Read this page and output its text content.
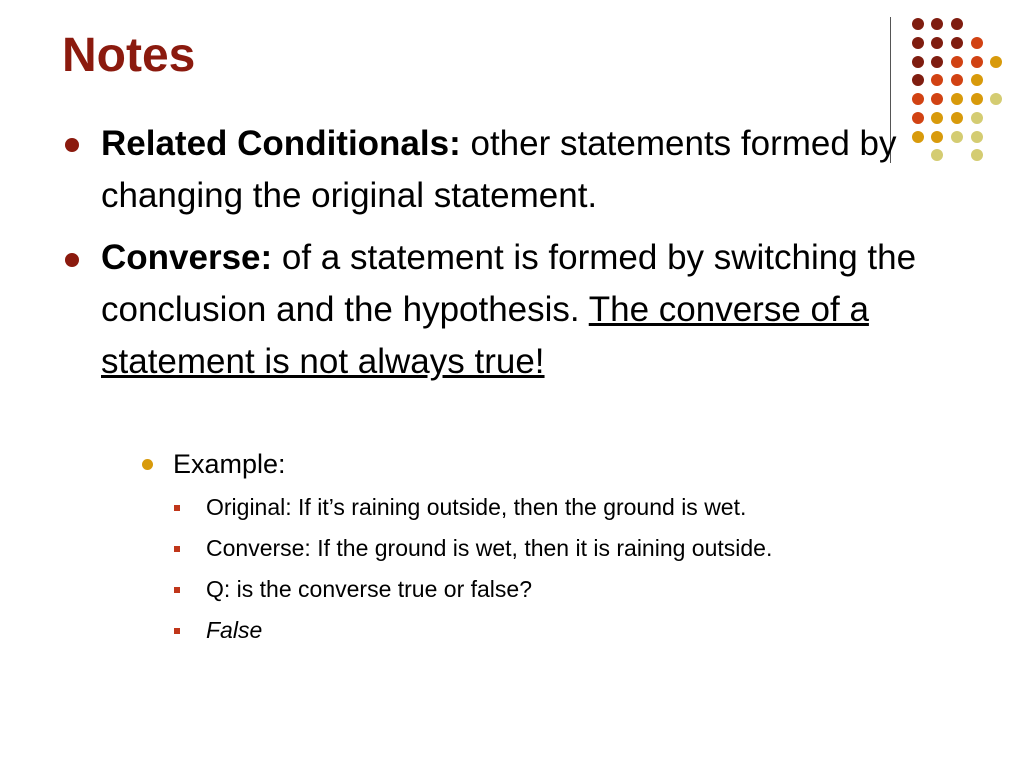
Notes
Related Conditionals: other statements formed by changing the original statement.
Converse: of a statement is formed by switching the conclusion and the hypothesis. The converse of a statement is not always true!
Example:
Original: If it’s raining outside, then the ground is wet.
Converse: If the ground is wet, then it is raining outside.
Q: is the converse true or false?
False
